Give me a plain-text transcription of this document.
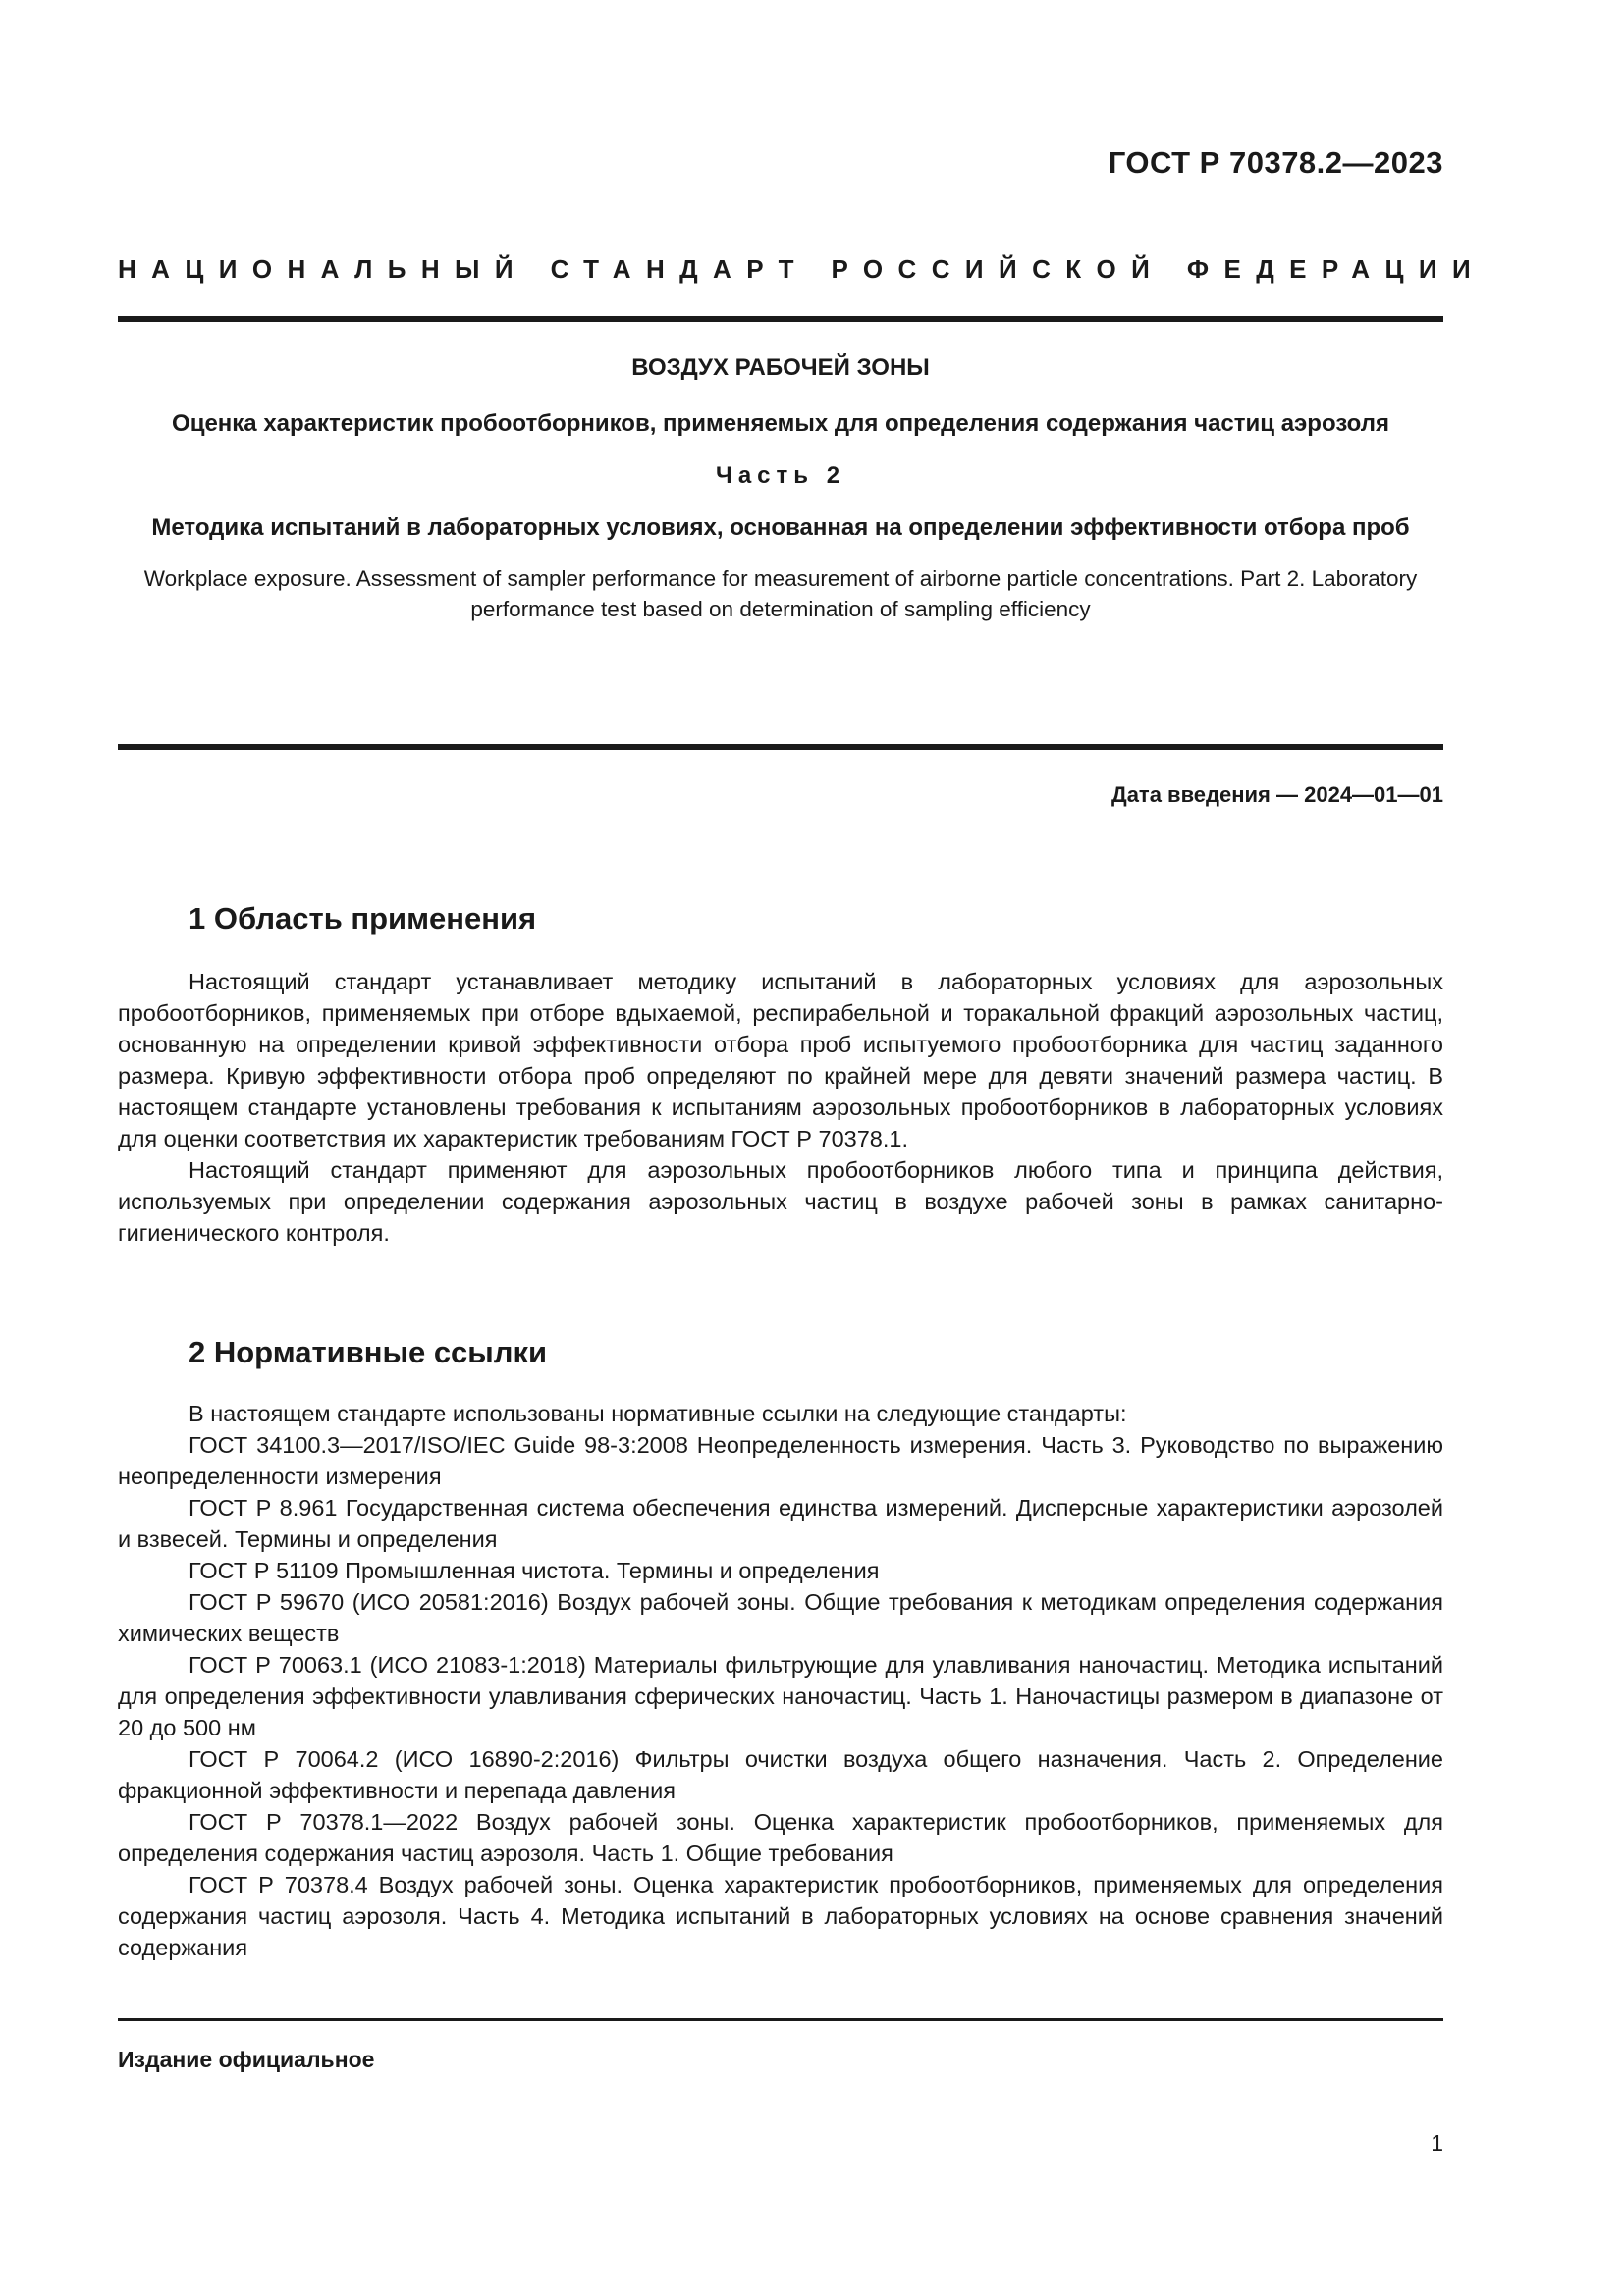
ГОСТ Р 70378.2—2023
НАЦИОНАЛЬНЫЙ СТАНДАРТ РОССИЙСКОЙ ФЕДЕРАЦИИ

ВОЗДУХ РАБОЧЕЙ ЗОНЫ

Оценка характеристик пробоотборников, применяемых для определения содержания частиц аэрозоля

Часть 2

Методика испытаний в лабораторных условиях, основанная на определении эффективности отбора проб

Workplace exposure. Assessment of sampler performance for measurement of airborne particle concentrations. Part 2. Laboratory performance test based on determination of sampling efficiency

Дата введения — 2024—01—01
1 Область применения

Настоящий стандарт устанавливает методику испытаний в лабораторных условиях для аэрозольных пробоотборников, применяемых при отборе вдыхаемой, респирабельной и торакальной фракций аэрозольных частиц, основанную на определении кривой эффективности отбора проб испытуемого пробоотборника для частиц заданного размера. Кривую эффективности отбора проб определяют по крайней мере для девяти значений размера частиц. В настоящем стандарте установлены требования к испытаниям аэрозольных пробоотборников в лабораторных условиях для оценки соответствия их характеристик требованиям ГОСТ Р 70378.1.

Настоящий стандарт применяют для аэрозольных пробоотборников любого типа и принципа действия, используемых при определении содержания аэрозольных частиц в воздухе рабочей зоны в рамках санитарно-гигиенического контроля.

2 Нормативные ссылки

В настоящем стандарте использованы нормативные ссылки на следующие стандарты:

ГОСТ 34100.3—2017/ISO/IEC Guide 98-3:2008 Неопределенность измерения. Часть 3. Руководство по выражению неопределенности измерения

ГОСТ Р 8.961 Государственная система обеспечения единства измерений. Дисперсные характеристики аэрозолей и взвесей. Термины и определения

ГОСТ Р 51109 Промышленная чистота. Термины и определения

ГОСТ Р 59670 (ИСО 20581:2016) Воздух рабочей зоны. Общие требования к методикам определения содержания химических веществ

ГОСТ Р 70063.1 (ИСО 21083-1:2018) Материалы фильтрующие для улавливания наночастиц. Методика испытаний для определения эффективности улавливания сферических наночастиц. Часть 1. Наночастицы размером в диапазоне от 20 до 500 нм

ГОСТ Р 70064.2 (ИСО 16890-2:2016) Фильтры очистки воздуха общего назначения. Часть 2. Определение фракционной эффективности и перепада давления

ГОСТ Р 70378.1—2022 Воздух рабочей зоны. Оценка характеристик пробоотборников, применяемых для определения содержания частиц аэрозоля. Часть 1. Общие требования

ГОСТ Р 70378.4 Воздух рабочей зоны. Оценка характеристик пробоотборников, применяемых для определения содержания частиц аэрозоля. Часть 4. Методика испытаний в лабораторных условиях на основе сравнения значений содержания

Издание официальное
1
